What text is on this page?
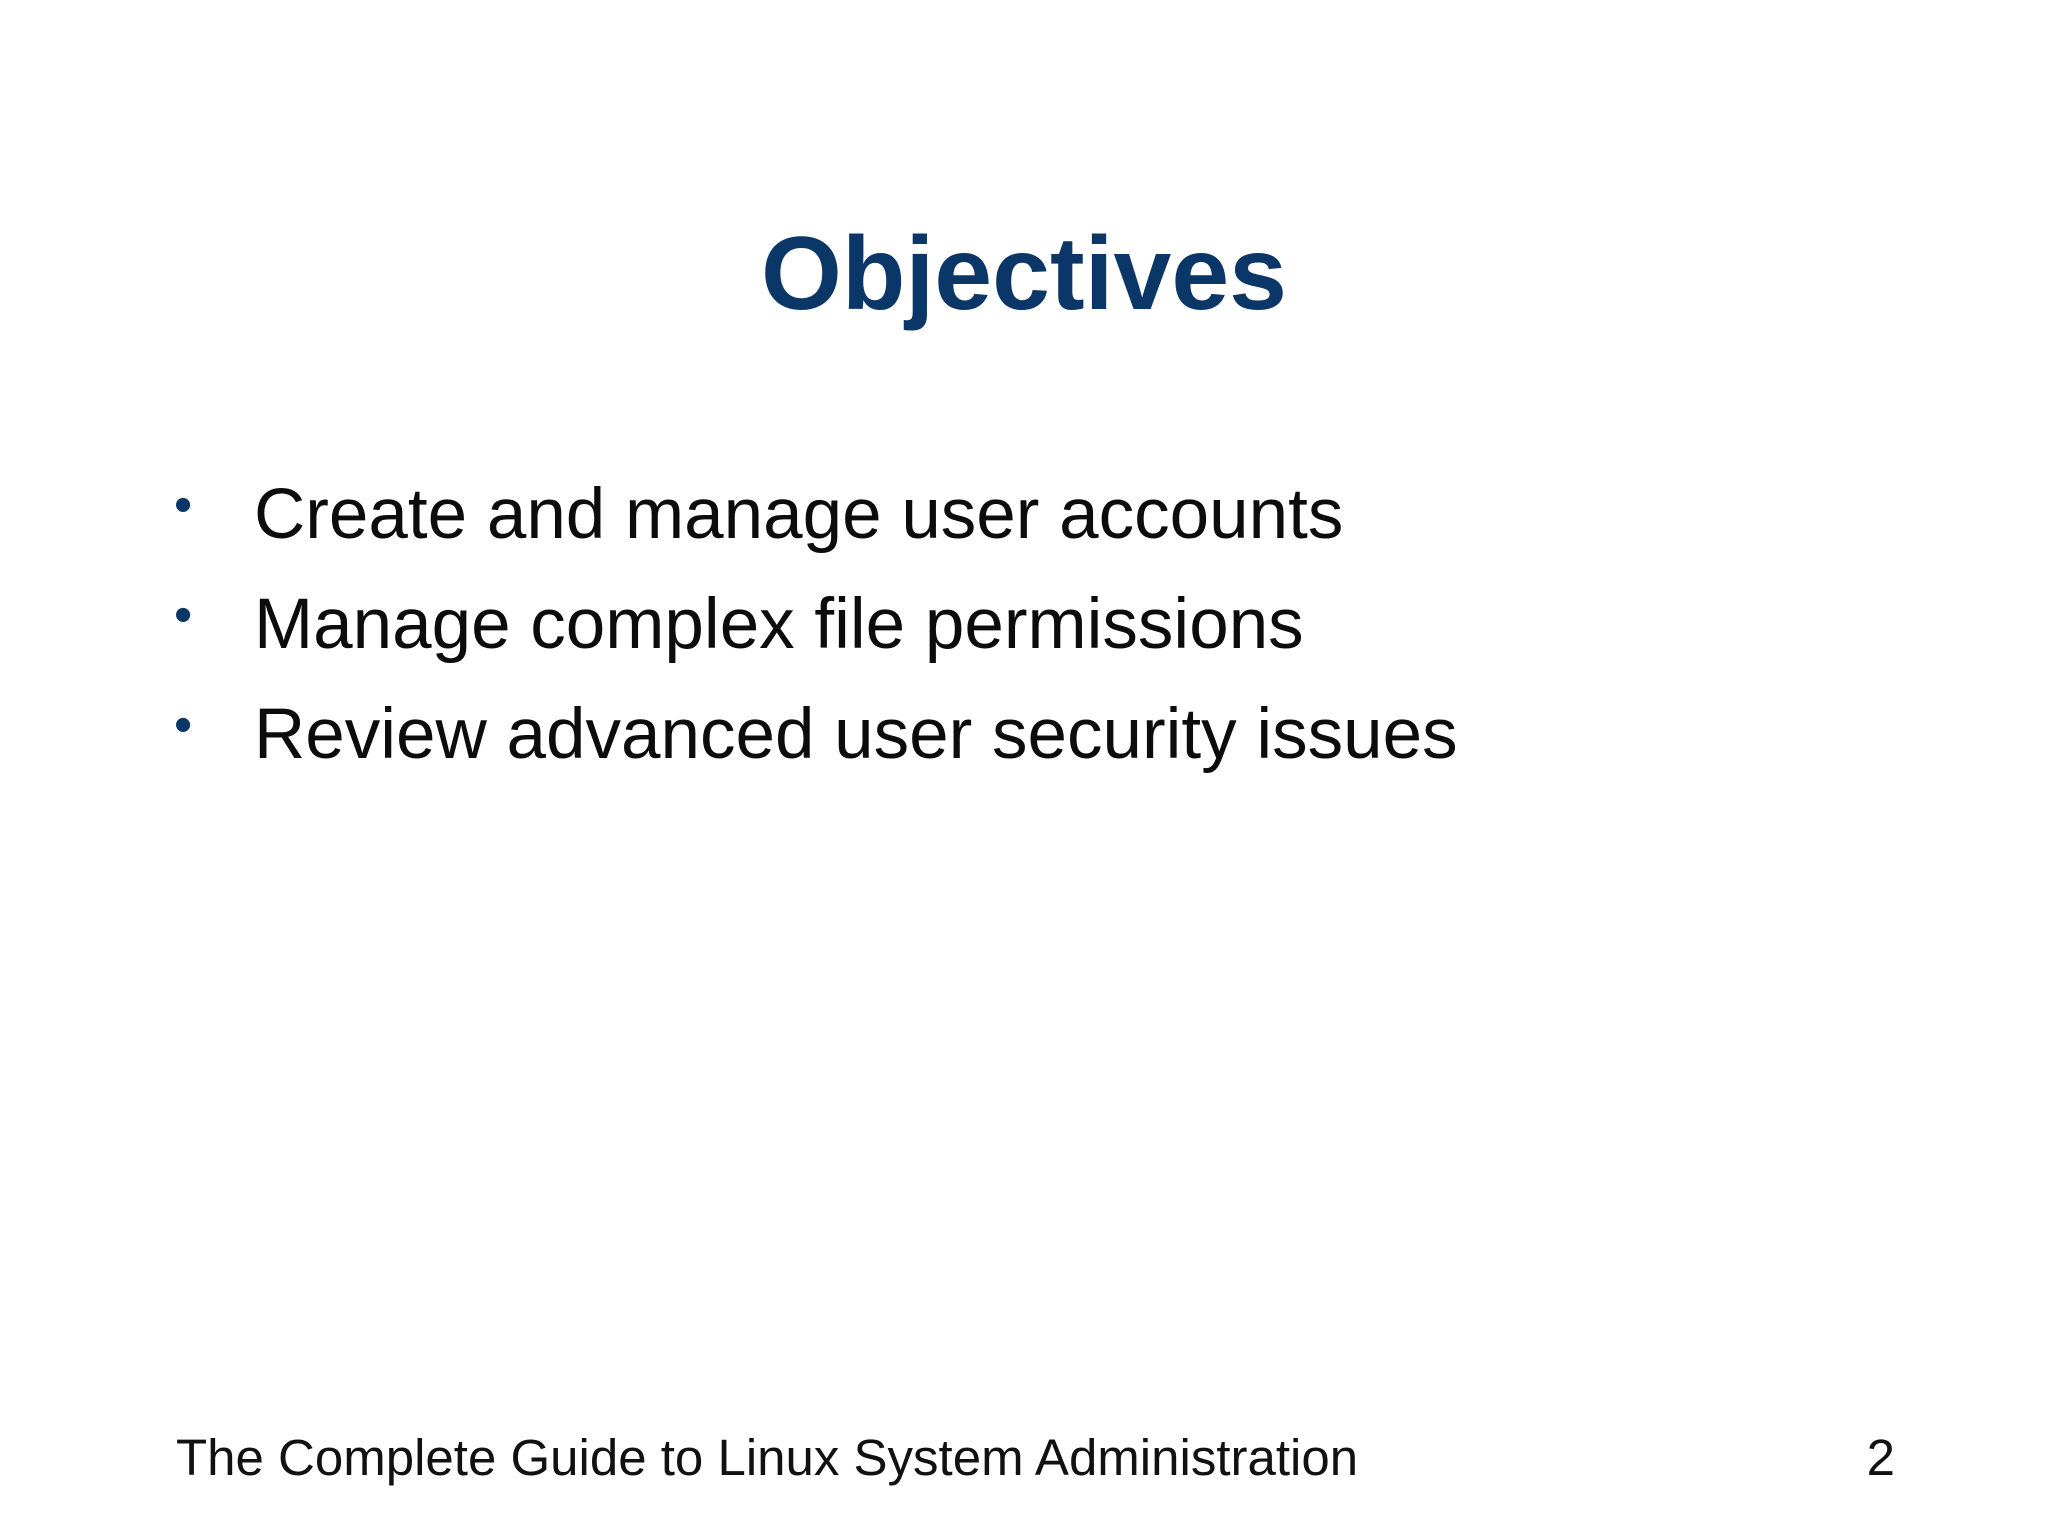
Objectives
• Create and manage user accounts
• Manage complex file permissions
• Review advanced user security issues
The Complete Guide to Linux System Administration	2
